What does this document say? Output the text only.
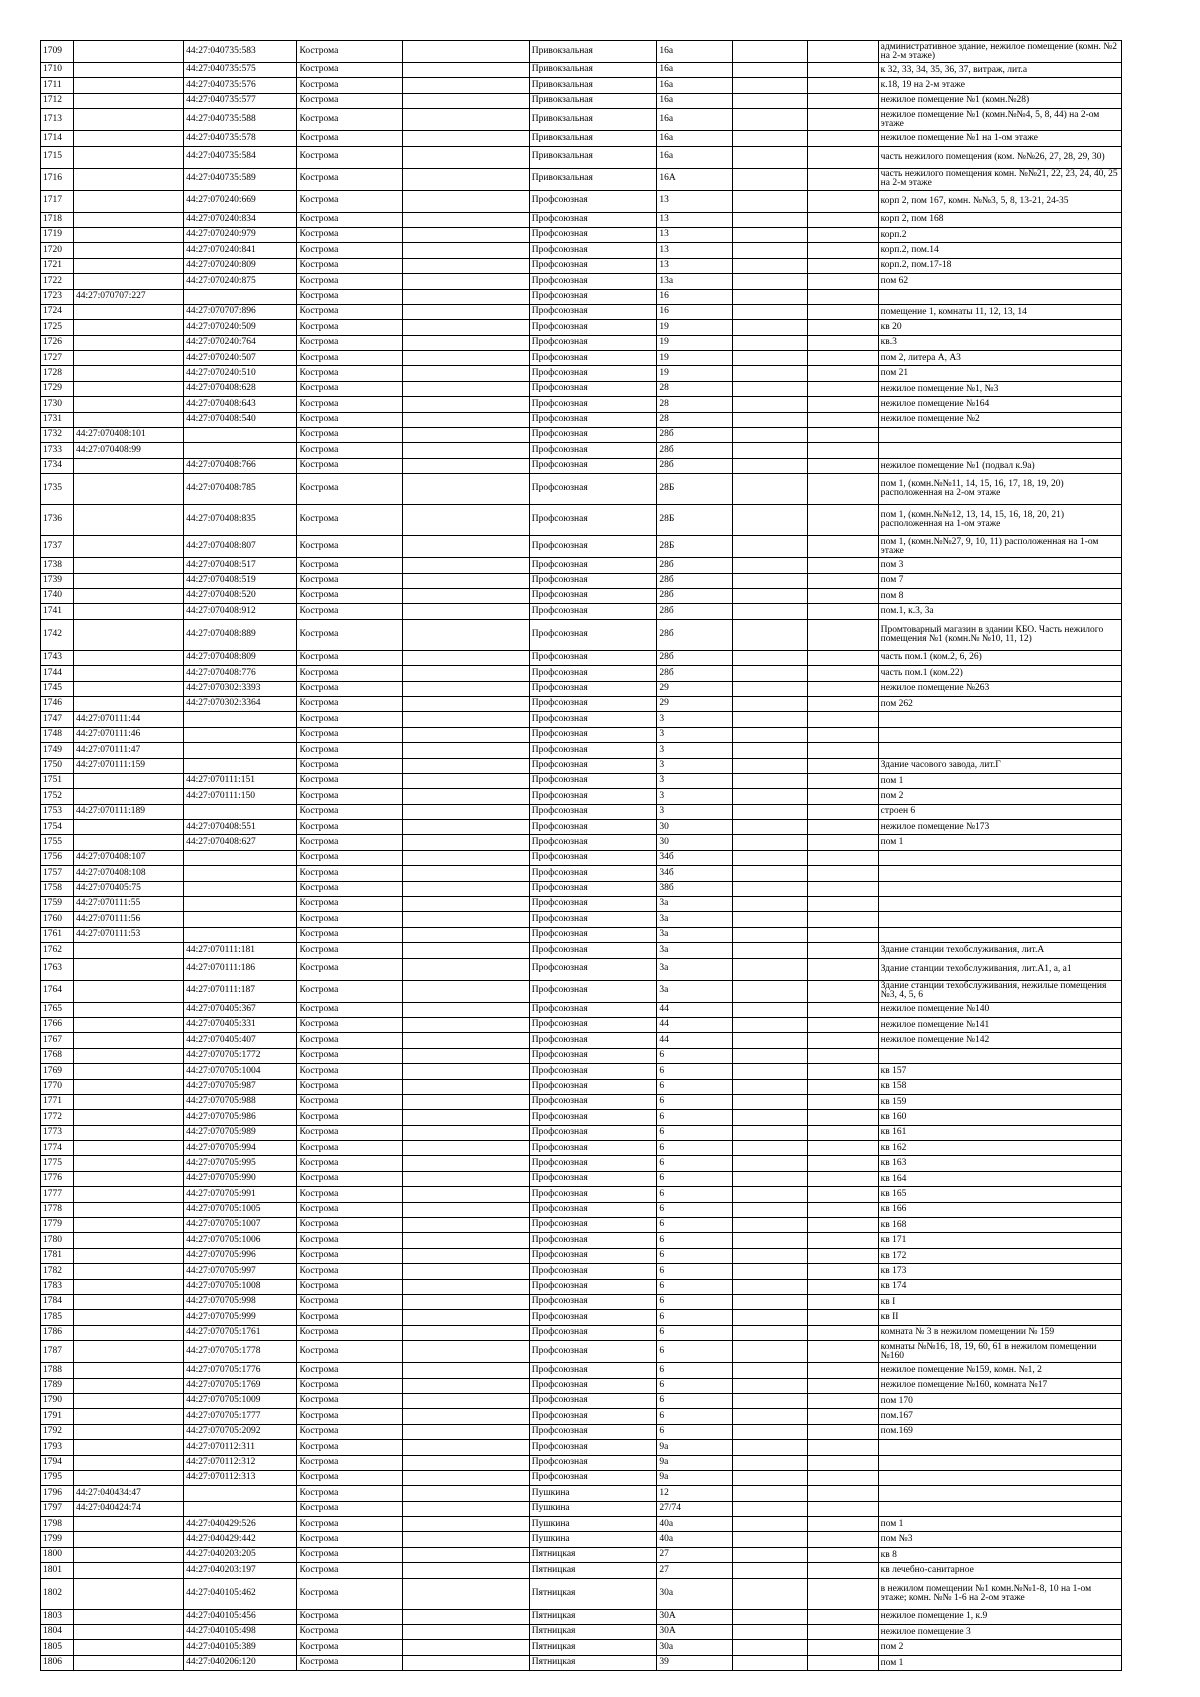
1709		44:27:040735:583	Кострома		Привокзальная	16а			административное здание, нежилое помещение (комн. №2 на 2-м этаже)
1710		44:27:040735:575	Кострома		Привокзальная	16а			к 32, 33, 34, 35, 36, 37, витраж, лит.а
1711		44:27:040735:576	Кострома		Привокзальная	16а			к.18, 19 на 2-м этаже
1712		44:27:040735:577	Кострома		Привокзальная	16а			нежилое помещение №1 (комн.№28)
1713		44:27:040735:588	Кострома		Привокзальная	16а			нежилое помещение №1 (комн.№№4, 5, 8, 44) на 2-ом этаже
1714		44:27:040735:578	Кострома		Привокзальная	16а			нежилое помещение №1 на 1-ом этаже
1715		44:27:040735:584	Кострома		Привокзальная	16а			часть нежилого помещения (ком. №№26, 27, 28, 29, 30)
1716		44:27:040735:589	Кострома		Привокзальная	16А			часть нежилого помещения комн. №№21, 22, 23, 24, 40, 25 на 2-м этаже
1717		44:27:070240:669	Кострома		Профсоюзная	13			корп 2, пом 167, комн. №№3, 5, 8, 13-21, 24-35
1718		44:27:070240:834	Кострома		Профсоюзная	13			корп 2, пом 168
1719		44:27:070240:979	Кострома		Профсоюзная	13			корп.2
1720		44:27:070240:841	Кострома		Профсоюзная	13			корп.2, пом.14
1721		44:27:070240:809	Кострома		Профсоюзная	13			корп.2, пом.17-18
1722		44:27:070240:875	Кострома		Профсоюзная	13а			пом 62
1723	44:27:070707:227		Кострома		Профсоюзная	16			
1724		44:27:070707:896	Кострома		Профсоюзная	16			помещение 1, комнаты 11, 12, 13, 14
1725		44:27:070240:509	Кострома		Профсоюзная	19			кв 20
1726		44:27:070240:764	Кострома		Профсоюзная	19			кв.3
1727		44:27:070240:507	Кострома		Профсоюзная	19			пом 2, литера А, А3
1728		44:27:070240:510	Кострома		Профсоюзная	19			пом 21
1729		44:27:070408:628	Кострома		Профсоюзная	28			нежилое помещение №1, №3
1730		44:27:070408:643	Кострома		Профсоюзная	28			нежилое помещение №164
1731		44:27:070408:540	Кострома		Профсоюзная	28			нежилое помещение №2
1732	44:27:070408:101		Кострома		Профсоюзная	28б			
1733	44:27:070408:99		Кострома		Профсоюзная	28б			
1734		44:27:070408:766	Кострома		Профсоюзная	28б			нежилое помещение №1 (подвал к.9а)
1735		44:27:070408:785	Кострома		Профсоюзная	28Б			пом 1, (комн.№№11, 14, 15, 16, 17, 18, 19, 20) расположенная на 2-ом этаже
1736		44:27:070408:835	Кострома		Профсоюзная	28Б			пом 1, (комн.№№12, 13, 14, 15, 16, 18, 20, 21) расположенная на 1-ом этаже
1737		44:27:070408:807	Кострома		Профсоюзная	28Б			пом 1, (комн.№№27, 9, 10, 11) расположенная на 1-ом этаже
1738		44:27:070408:517	Кострома		Профсоюзная	28б			пом 3
1739		44:27:070408:519	Кострома		Профсоюзная	28б			пом 7
1740		44:27:070408:520	Кострома		Профсоюзная	28б			пом 8
1741		44:27:070408:912	Кострома		Профсоюзная	28б			пом.1, к.3, 3а
1742		44:27:070408:889	Кострома		Профсоюзная	28б			Промтоварный магазин в здании КБО. Часть нежилого помещения №1 (комн.№ №10, 11, 12)
1743		44:27:070408:809	Кострома		Профсоюзная	28б			часть пом.1 (ком.2, 6, 26)
1744		44:27:070408:776	Кострома		Профсоюзная	28б			часть пом.1 (ком.22)
1745		44:27:070302:3393	Кострома		Профсоюзная	29			нежилое помещение №263
1746		44:27:070302:3364	Кострома		Профсоюзная	29			пом 262
1747	44:27:070111:44		Кострома		Профсоюзная	3			
1748	44:27:070111:46		Кострома		Профсоюзная	3			
1749	44:27:070111:47		Кострома		Профсоюзная	3			
1750	44:27:070111:159		Кострома		Профсоюзная	3			Здание часового завода, лит.Г
1751		44:27:070111:151	Кострома		Профсоюзная	3			пом 1
1752		44:27:070111:150	Кострома		Профсоюзная	3			пом 2
1753	44:27:070111:189		Кострома		Профсоюзная	3			строен 6
1754		44:27:070408:551	Кострома		Профсоюзная	30			нежилое помещение №173
1755		44:27:070408:627	Кострома		Профсоюзная	30			пом 1
1756	44:27:070408:107		Кострома		Профсоюзная	34б			
1757	44:27:070408:108		Кострома		Профсоюзная	34б			
1758	44:27:070405:75		Кострома		Профсоюзная	38б			
1759	44:27:070111:55		Кострома		Профсоюзная	3а			
1760	44:27:070111:56		Кострома		Профсоюзная	3а			
1761	44:27:070111:53		Кострома		Профсоюзная	3а			
1762		44:27:070111:181	Кострома		Профсоюзная	3а			Здание станции техобслуживания, лит.А
1763		44:27:070111:186	Кострома		Профсоюзная	3а			Здание станции техобслуживания, лит.А1, а, а1
1764		44:27:070111:187	Кострома		Профсоюзная	3а			Здание станции техобслуживания, нежилые помещения №3, 4, 5, 6
1765		44:27:070405:367	Кострома		Профсоюзная	44			нежилое помещение №140
1766		44:27:070405:331	Кострома		Профсоюзная	44			нежилое помещение №141
1767		44:27:070405:407	Кострома		Профсоюзная	44			нежилое помещение №142
1768		44:27:070705:1772	Кострома		Профсоюзная	6			
1769		44:27:070705:1004	Кострома		Профсоюзная	6			кв 157
1770		44:27:070705:987	Кострома		Профсоюзная	6			кв 158
1771		44:27:070705:988	Кострома		Профсоюзная	6			кв 159
1772		44:27:070705:986	Кострома		Профсоюзная	6			кв 160
1773		44:27:070705:989	Кострома		Профсоюзная	6			кв 161
1774		44:27:070705:994	Кострома		Профсоюзная	6			кв 162
1775		44:27:070705:995	Кострома		Профсоюзная	6			кв 163
1776		44:27:070705:990	Кострома		Профсоюзная	6			кв 164
1777		44:27:070705:991	Кострома		Профсоюзная	6			кв 165
1778		44:27:070705:1005	Кострома		Профсоюзная	6			кв 166
1779		44:27:070705:1007	Кострома		Профсоюзная	6			кв 168
1780		44:27:070705:1006	Кострома		Профсоюзная	6			кв 171
1781		44:27:070705:996	Кострома		Профсоюзная	6			кв 172
1782		44:27:070705:997	Кострома		Профсоюзная	6			кв 173
1783		44:27:070705:1008	Кострома		Профсоюзная	6			кв 174
1784		44:27:070705:998	Кострома		Профсоюзная	6			кв I
1785		44:27:070705:999	Кострома		Профсоюзная	6			кв II
1786		44:27:070705:1761	Кострома		Профсоюзная	6			комната № 3 в нежилом помещении № 159
1787		44:27:070705:1778	Кострома		Профсоюзная	6			комнаты №№16, 18, 19, 60, 61 в нежилом помещении №160
1788		44:27:070705:1776	Кострома		Профсоюзная	6			нежилое помещение №159, комн. №1, 2
1789		44:27:070705:1769	Кострома		Профсоюзная	6			нежилое помещение №160, комната №17
1790		44:27:070705:1009	Кострома		Профсоюзная	6			пом 170
1791		44:27:070705:1777	Кострома		Профсоюзная	6			пом.167
1792		44:27:070705:2092	Кострома		Профсоюзная	6			пом.169
1793		44:27:070112:311	Кострома		Профсоюзная	9а			
1794		44:27:070112:312	Кострома		Профсоюзная	9а			
1795		44:27:070112:313	Кострома		Профсоюзная	9а			
1796	44:27:040434:47		Кострома		Пушкина	12			
1797	44:27:040424:74		Кострома		Пушкина	27/74			
1798		44:27:040429:526	Кострома		Пушкина	40а			пом 1
1799		44:27:040429:442	Кострома		Пушкина	40а			пом №3
1800		44:27:040203:205	Кострома		Пятницкая	27			кв 8
1801		44:27:040203:197	Кострома		Пятницкая	27			кв лечебно-санитарное
1802		44:27:040105:462	Кострома		Пятницкая	30а			в нежилом помещении №1 комн.№№1-8, 10 на 1-ом этаже; комн. №№ 1-6 на 2-ом этаже
1803		44:27:040105:456	Кострома		Пятницкая	30А			нежилое помещение 1, к.9
1804		44:27:040105:498	Кострома		Пятницкая	30А			нежилое помещение 3
1805		44:27:040105:389	Кострома		Пятницкая	30а			пом 2
1806		44:27:040206:120	Кострома		Пятницкая	39			пом 1
